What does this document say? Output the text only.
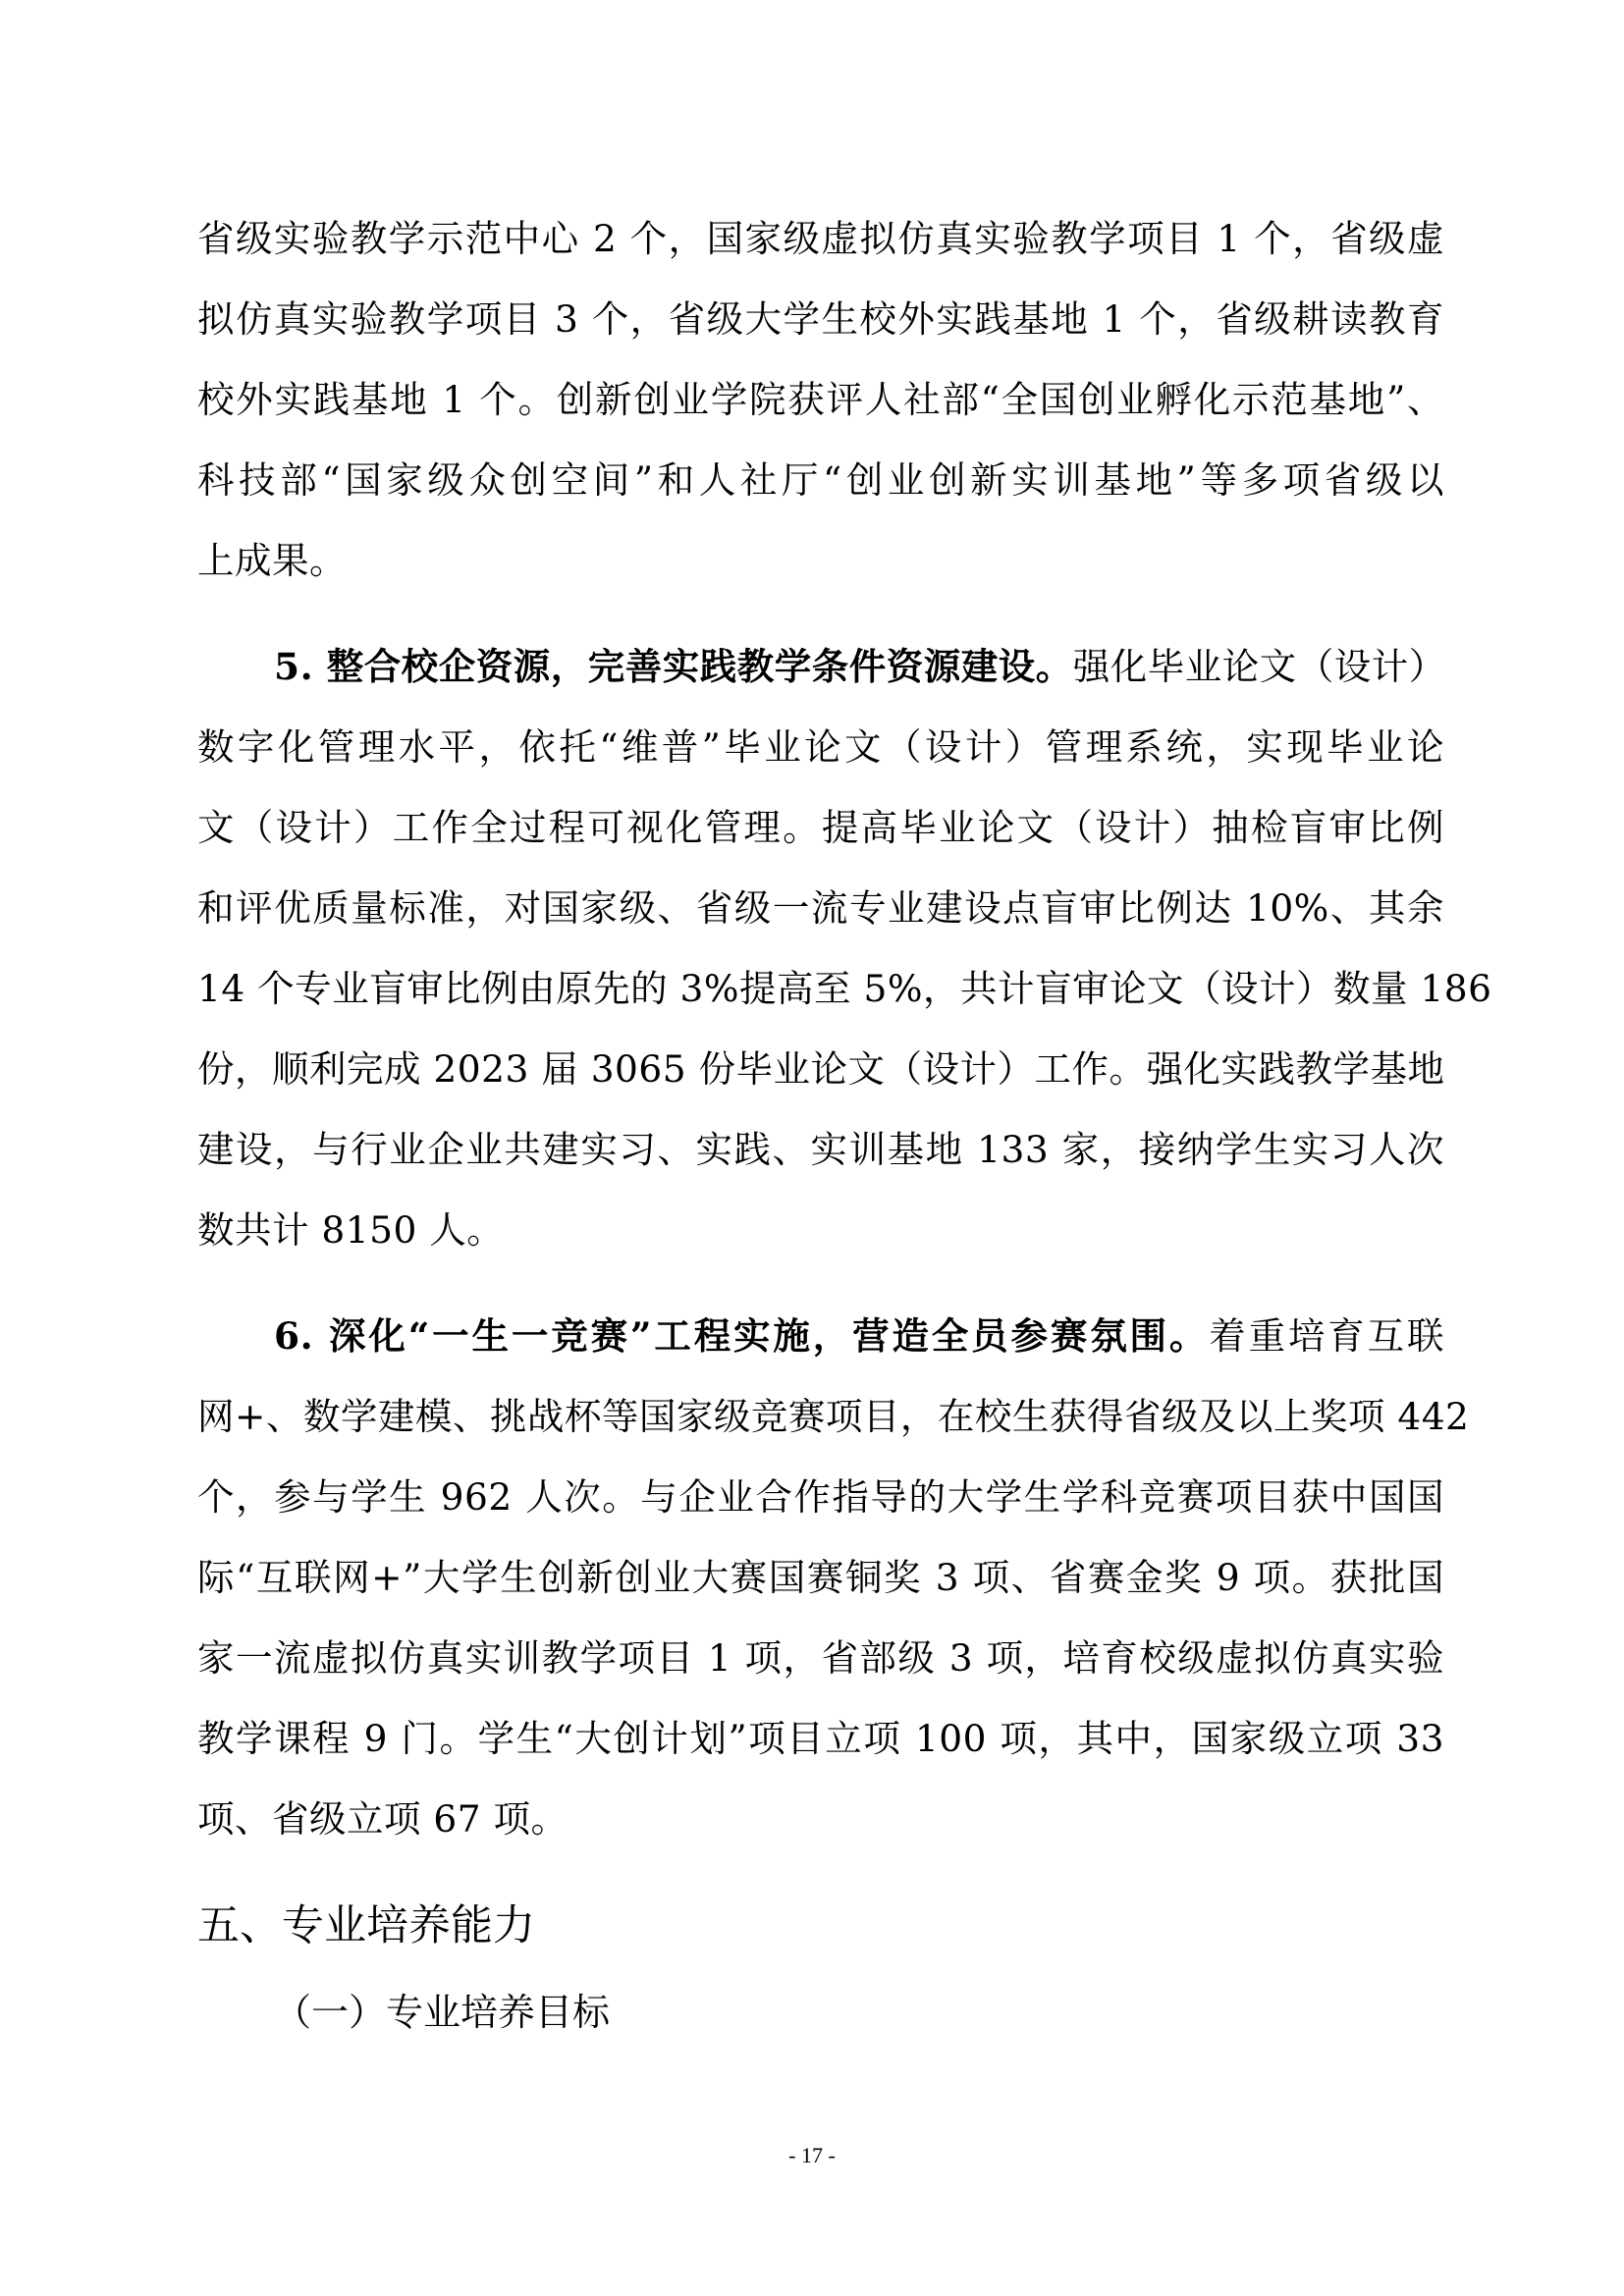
省级实验教学示范中心 2 个，国家级虚拟仿真实验教学项目 1 个，省级虚
拟仿真实验教学项目 3 个，省级大学生校外实践基地 1 个，省级耕读教育
校外实践基地 1 个。创新创业学院获评人社部“全国创业孵化示范基地”、
科技部“国家级众创空间”和人社厅“创业创新实训基地”等多项省级以
上成果。
5. 整合校企资源，完善实践教学条件资源建设。强化毕业论文（设计）
数字化管理水平，依托“维普”毕业论文（设计）管理系统，实现毕业论
文（设计）工作全过程可视化管理。提高毕业论文（设计）抽检盲审比例
和评优质量标准，对国家级、省级一流专业建设点盲审比例达 10%、其余
14 个专业盲审比例由原先的 3%提高至 5%，共计盲审论文（设计）数量 186
份，顺利完成 2023 届 3065 份毕业论文（设计）工作。强化实践教学基地
建设，与行业企业共建实习、实践、实训基地 133 家，接纳学生实习人次
数共计 8150 人。
6. 深化“一生一竞赛”工程实施，营造全员参赛氛围。着重培育互联
网+、数学建模、挑战杯等国家级竞赛项目，在校生获得省级及以上奖项 442
个，参与学生 962 人次。与企业合作指导的大学生学科竞赛项目获中国国
际“互联网+”大学生创新创业大赛国赛铜奖 3 项、省赛金奖 9 项。获批国
家一流虚拟仿真实训教学项目 1 项，省部级 3 项，培育校级虚拟仿真实验
教学课程 9 门。学生“大创计划”项目立项 100 项，其中，国家级立项 33
项、省级立项 67 项。
五、专业培养能力
（一）专业培养目标
- 17 -
